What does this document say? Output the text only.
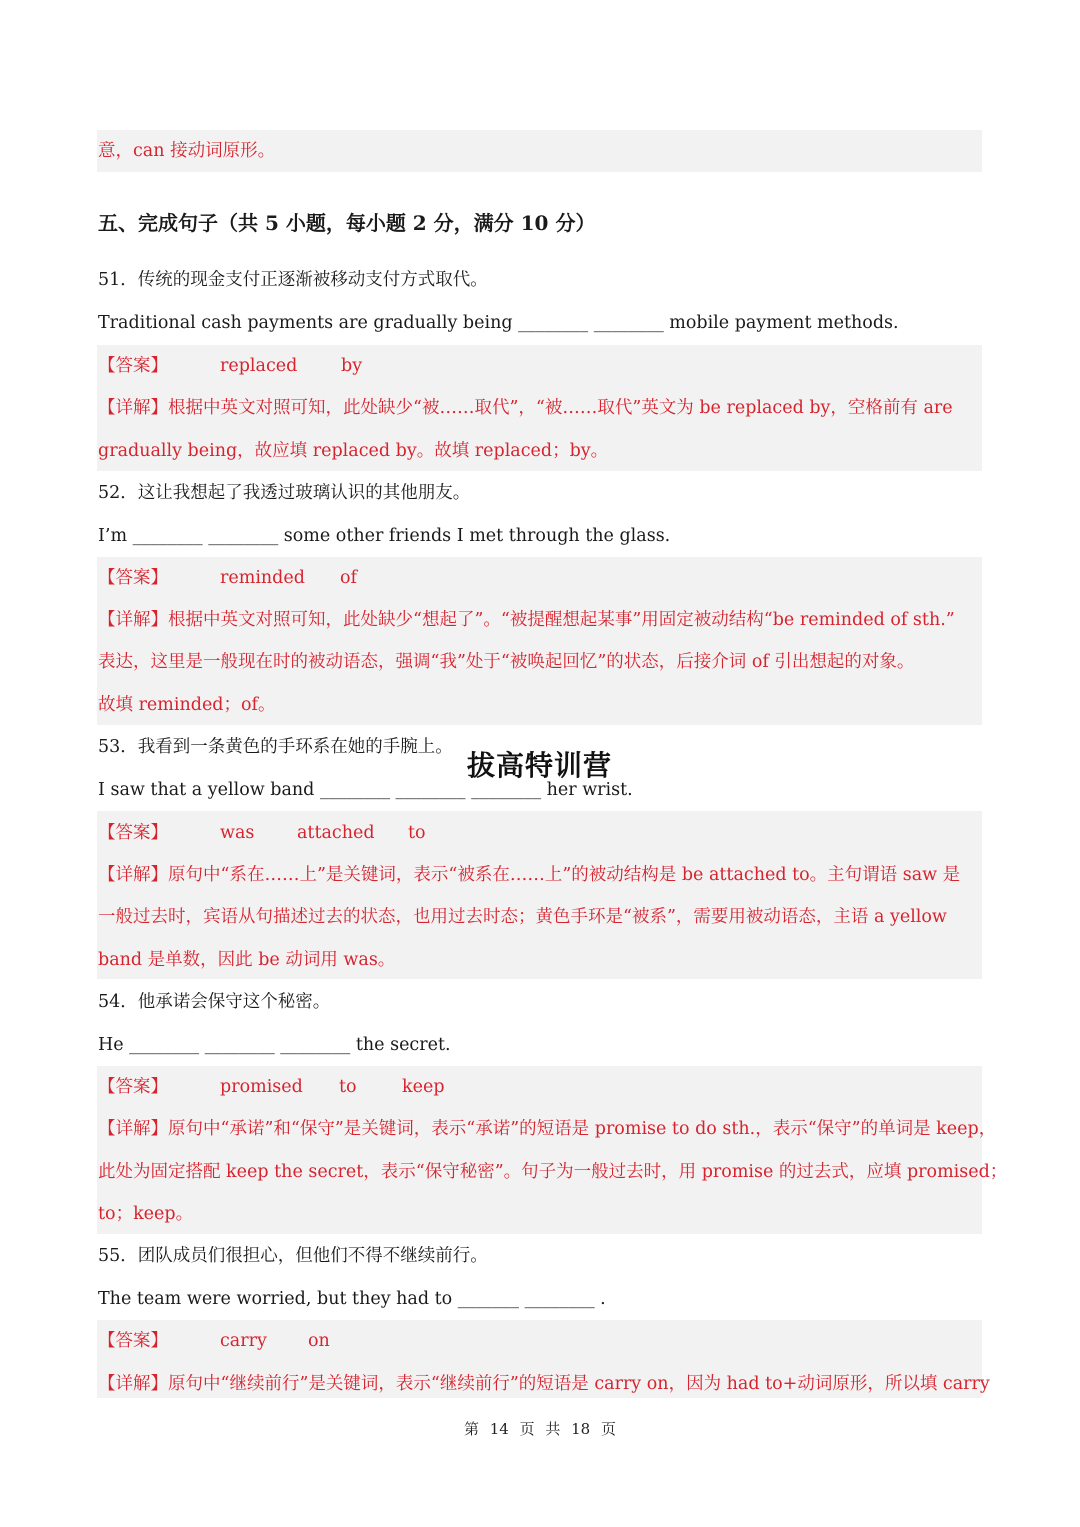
意，can 接动词原形。
五、完成句子（共 5 小题，每小题 2 分，满分 10 分）
51．传统的现金支付正逐渐被移动支付方式取代。
Traditional cash payments are gradually being ________ ________ mobile payment methods.
【答案】	replaced by
【详解】根据中英文对照可知，此处缺少“被……取代”，“被……取代”英文为 be replaced by，空格前有 are
gradually being，故应填 replaced by。故填 replaced；by。
52．这让我想起了我透过玻璃认识的其他朋友。
I’m ________ ________ some other friends I met through the glass.
【答案】	reminded of
【详解】根据中英文对照可知，此处缺少“想起了”。“被提醒想起某事”用固定被动结构“be reminded of sth.”
表达，这里是一般现在时的被动语态，强调“我”处于“被唤起回忆”的状态，后接介词 of 引出想起的对象。
故填 reminded；of。
53．我看到一条黄色的手环系在她的手腕上。
I saw that a yellow band ________ ________ ________ her wrist.
【答案】	was attached to
【详解】原句中“系在……上”是关键词，表示“被系在……上”的被动结构是 be attached to。主句谓语 saw 是
一般过去时，宾语从句描述过去的状态，也用过去时态；黄色手环是“被系”，需要用被动语态，主语 a yellow
band 是单数，因此 be 动词用 was。
54．他承诺会保守这个秘密。
He ________ ________ ________ the secret.
【答案】	promised to	keep
【详解】原句中“承诺”和“保守”是关键词，表示“承诺”的短语是 promise to do sth.，表示“保守”的单词是 keep，
此处为固定搭配 keep the secret，表示“保守秘密”。句子为一般过去时，用 promise 的过去式，应填 promised；
to；keep。
55．团队成员们很担心，但他们不得不继续前行。
The team were worried, but they had to _______ ________ .
【答案】	carry on
【详解】原句中“继续前行”是关键词，表示“继续前行”的短语是 carry on，因为 had to+动词原形，所以填 carry
拔高特训营
第 14 页 共 18 页
